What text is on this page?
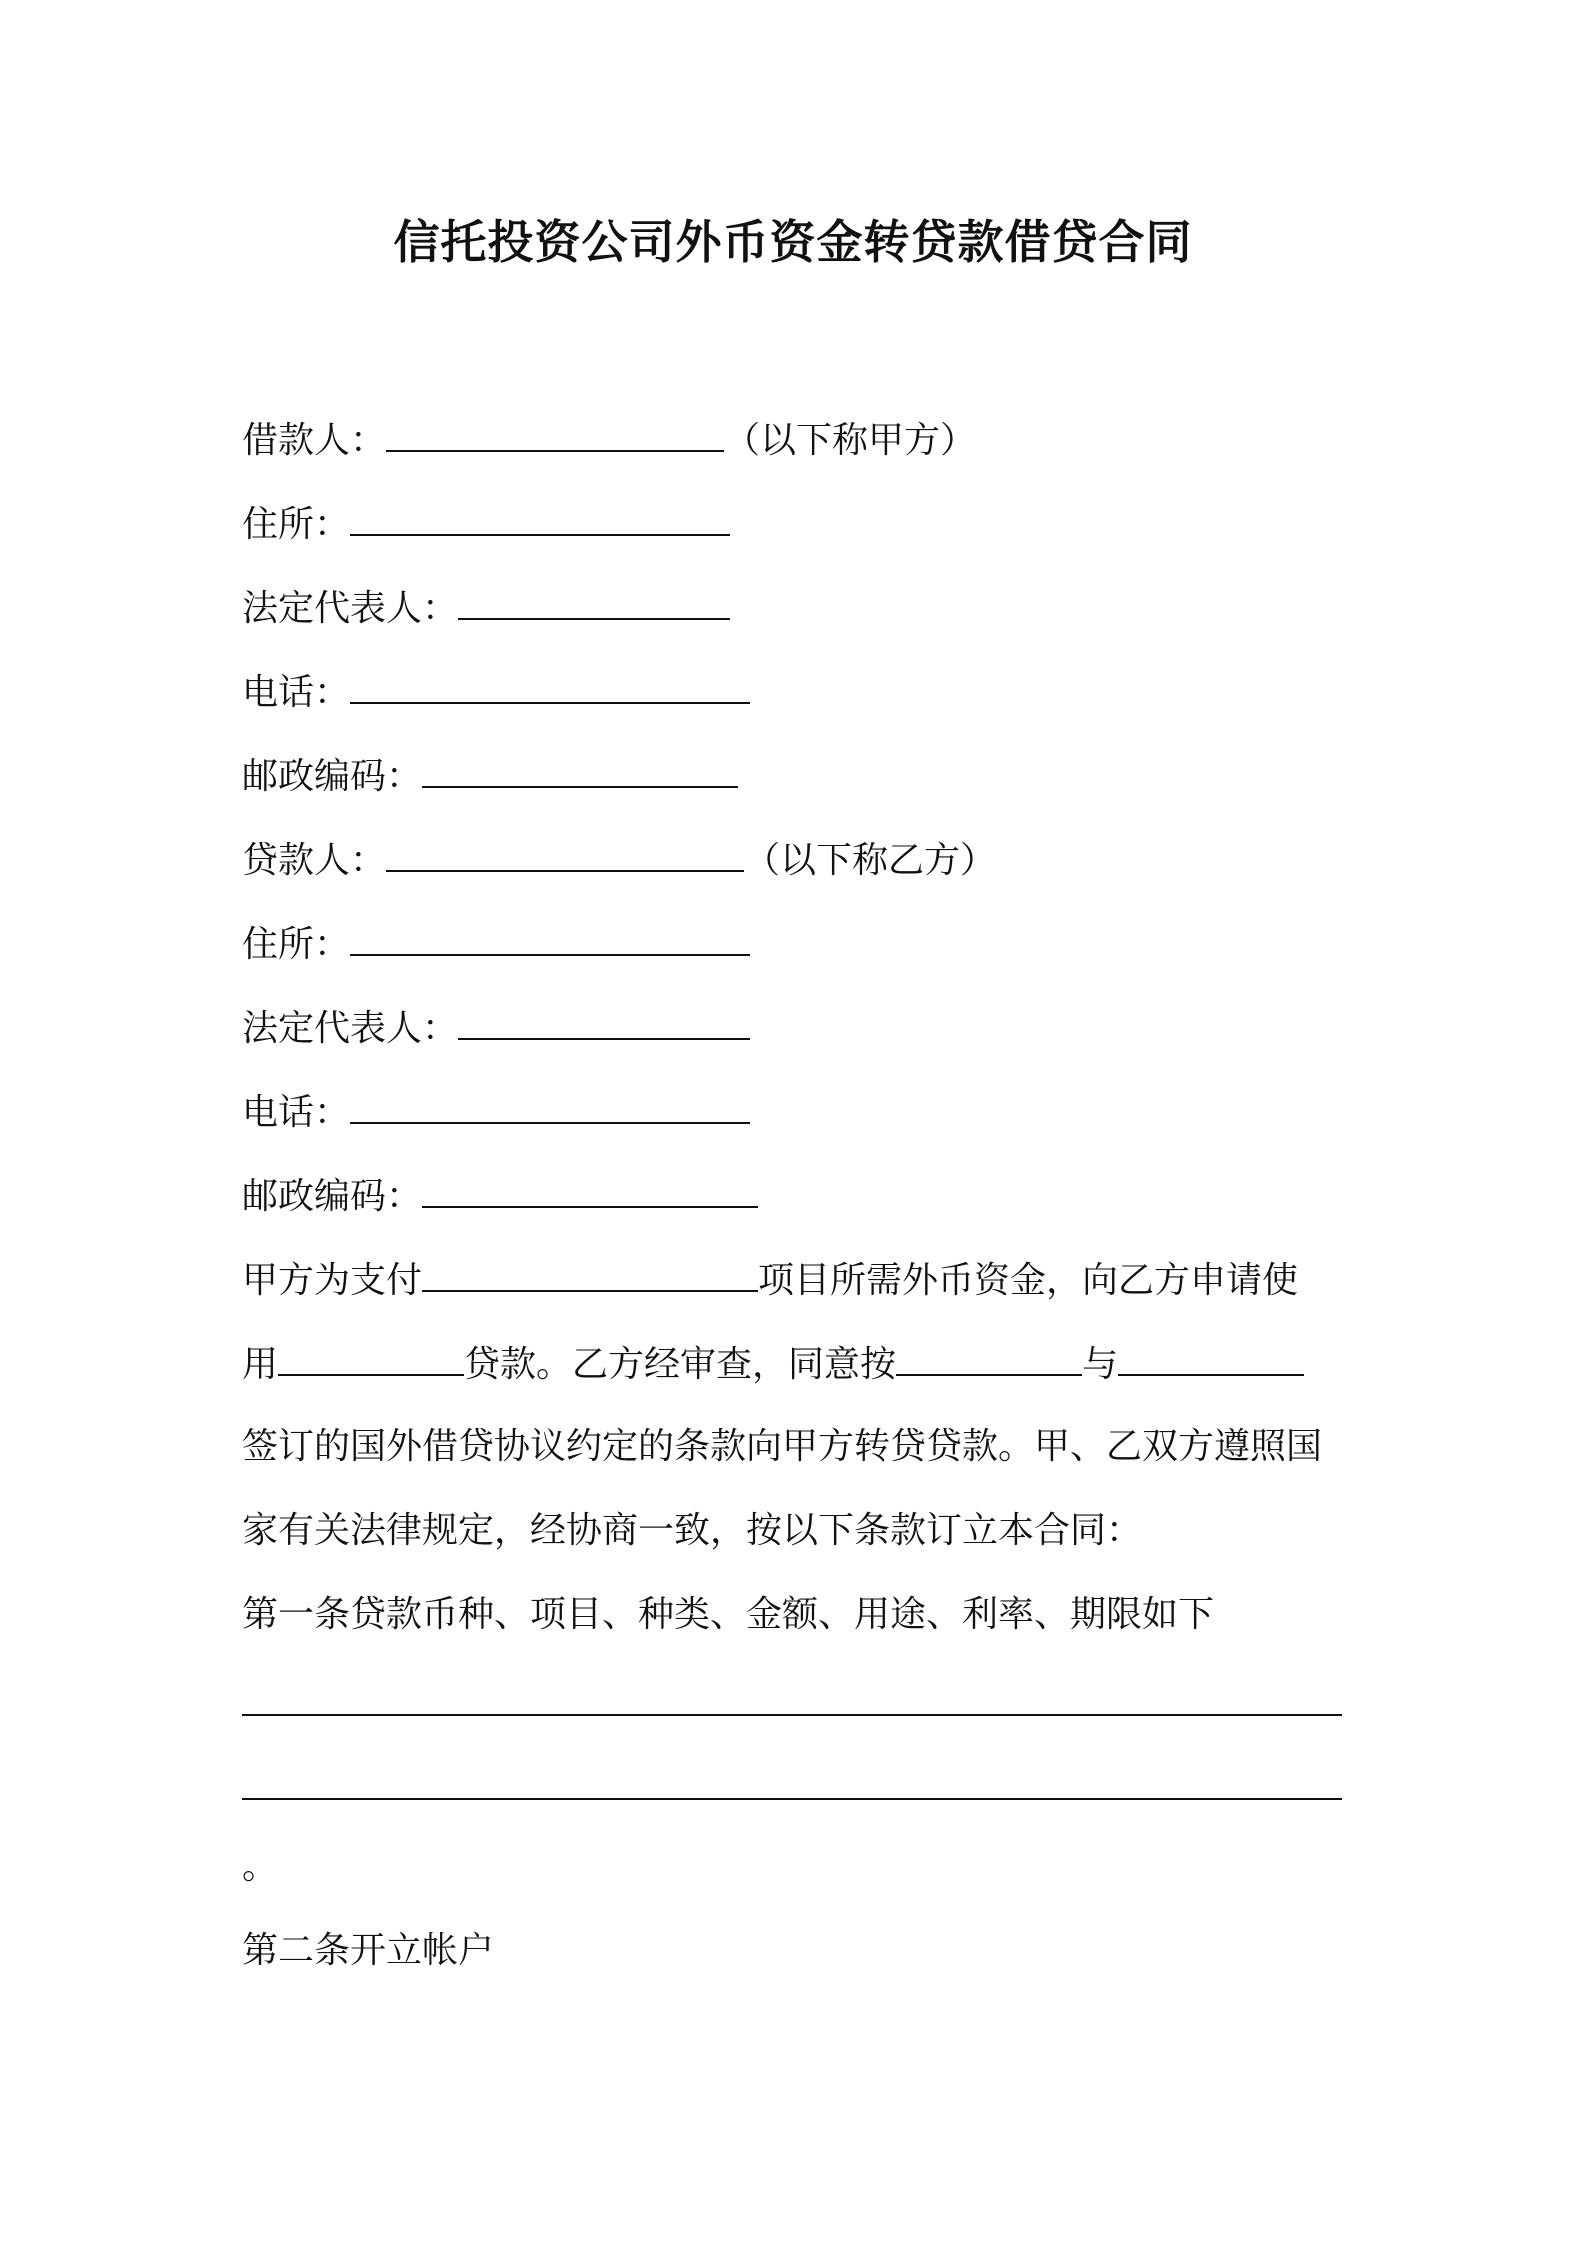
信托投资公司外币资金转贷款借贷合同
借款人：	（以下称甲方）
住所：
法定代表人：
电话：
邮政编码：
贷款人：	（以下称乙方）
住所：
法定代表人：
电话：
邮政编码：
甲方为支付	项目所需外币资金，向乙方申请使
用	贷款。乙方经审查，同意按	与
签订的国外借贷协议约定的条款向甲方转贷贷款。甲、乙双方遵照国
家有关法律规定，经协商一致，按以下条款订立本合同：
第一条贷款币种、项目、种类、金额、用途、利率、期限如下
。
第二条开立帐户
